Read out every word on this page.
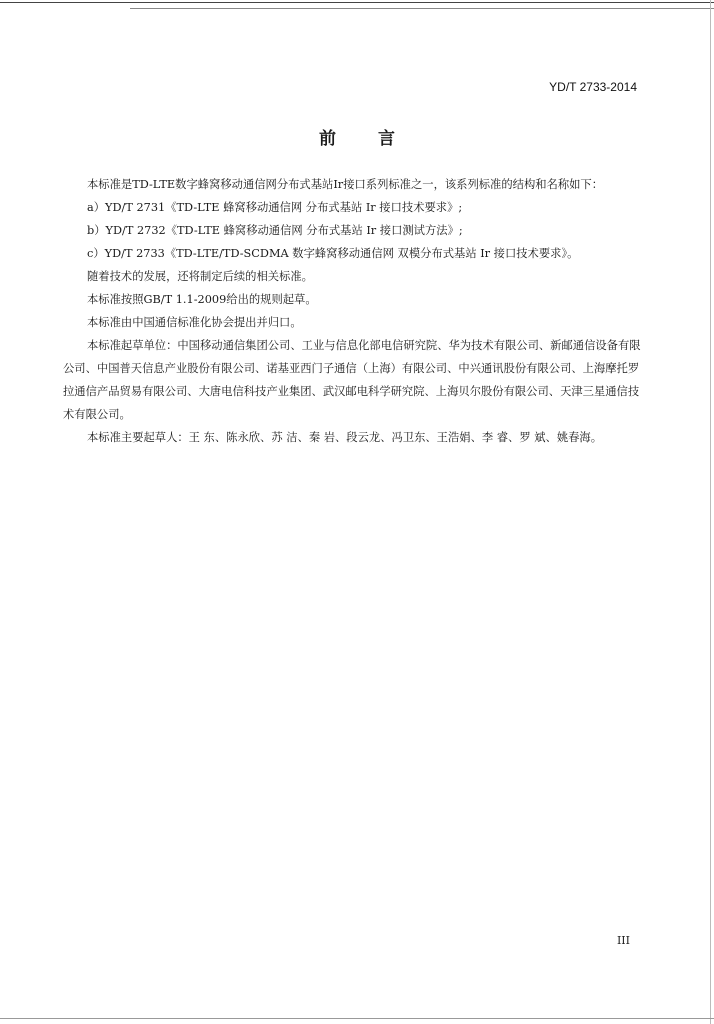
YD/T 2733-2014
前 言

本标准是TD-LTE数字蜂窝移动通信网分布式基站Ir接口系列标准之一，该系列标准的结构和名称如下：

a）YD/T 2731《TD-LTE 蜂窝移动通信网 分布式基站 Ir 接口技术要求》;

b）YD/T 2732《TD-LTE 蜂窝移动通信网 分布式基站 Ir 接口测试方法》;

c）YD/T 2733《TD-LTE/TD-SCDMA 数字蜂窝移动通信网 双模分布式基站 Ir 接口技术要求》。

随着技术的发展，还将制定后续的相关标准。

本标准按照GB/T 1.1-2009给出的规则起草。

本标准由中国通信标准化协会提出并归口。

本标准起草单位：中国移动通信集团公司、工业与信息化部电信研究院、华为技术有限公司、新邮通信设备有限公司、中国普天信息产业股份有限公司、诺基亚西门子通信（上海）有限公司、中兴通讯股份有限公司、上海摩托罗拉通信产品贸易有限公司、大唐电信科技产业集团、武汉邮电科学研究院、上海贝尔股份有限公司、天津三星通信技术有限公司。

本标准主要起草人：王 东、陈永欣、苏 洁、秦 岩、段云龙、冯卫东、王浩娟、李 睿、罗 斌、姚春海。

III
